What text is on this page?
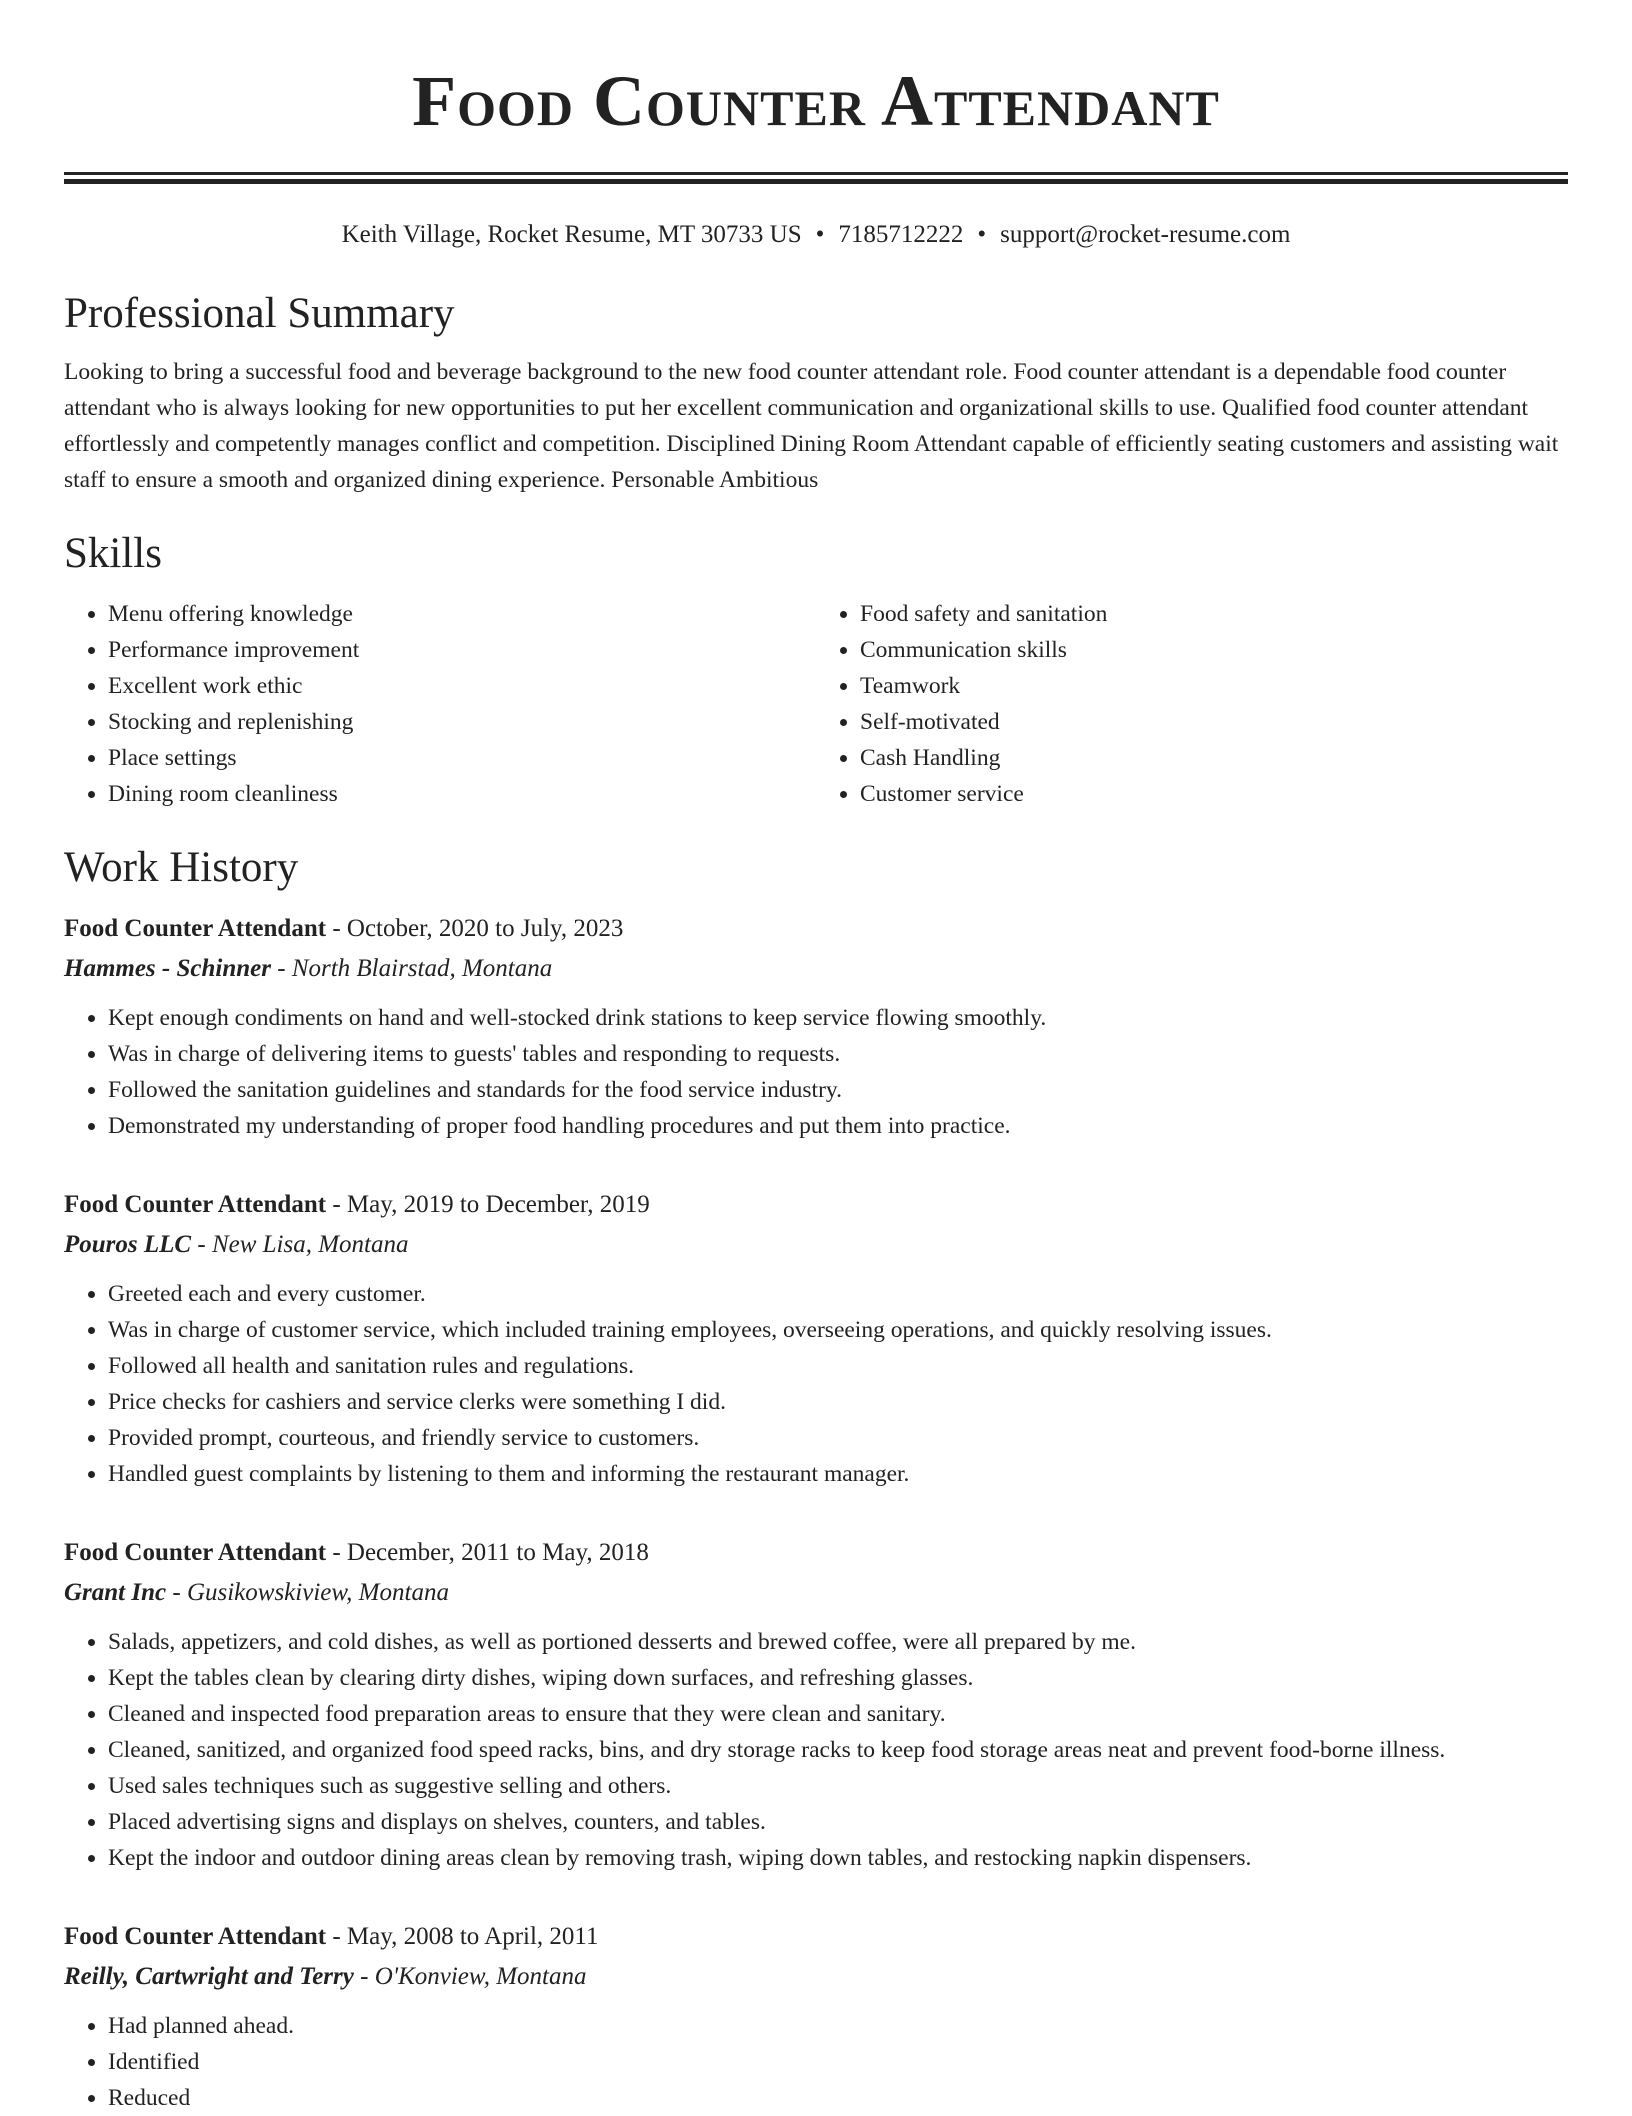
Food Counter Attendant
Keith Village, Rocket Resume, MT 30733 US • 7185712222 • support@rocket-resume.com
Professional Summary

Looking to bring a successful food and beverage background to the new food counter attendant role. Food counter attendant is a dependable food counter attendant who is always looking for new opportunities to put her excellent communication and organizational skills to use. Qualified food counter attendant effortlessly and competently manages conflict and competition. Disciplined Dining Room Attendant capable of efficiently seating customers and assisting wait staff to ensure a smooth and organized dining experience. Personable Ambitious

Skills
• Menu offering knowledge
• Performance improvement
• Excellent work ethic
• Stocking and replenishing
• Place settings
• Dining room cleanliness
• Food safety and sanitation
• Communication skills
• Teamwork
• Self-motivated
• Cash Handling
• Customer service
Work History
Food Counter Attendant - October, 2020 to July, 2023
Hammes - Schinner - North Blairstad, Montana
• Kept enough condiments on hand and well-stocked drink stations to keep service flowing smoothly.
• Was in charge of delivering items to guests' tables and responding to requests.
• Followed the sanitation guidelines and standards for the food service industry.
• Demonstrated my understanding of proper food handling procedures and put them into practice.
Food Counter Attendant - May, 2019 to December, 2019
Pouros LLC - New Lisa, Montana
• Greeted each and every customer.
• Was in charge of customer service, which included training employees, overseeing operations, and quickly resolving issues.
• Followed all health and sanitation rules and regulations.
• Price checks for cashiers and service clerks were something I did.
• Provided prompt, courteous, and friendly service to customers.
• Handled guest complaints by listening to them and informing the restaurant manager.
Food Counter Attendant - December, 2011 to May, 2018
Grant Inc - Gusikowskiview, Montana
• Salads, appetizers, and cold dishes, as well as portioned desserts and brewed coffee, were all prepared by me.
• Kept the tables clean by clearing dirty dishes, wiping down surfaces, and refreshing glasses.
• Cleaned and inspected food preparation areas to ensure that they were clean and sanitary.
• Cleaned, sanitized, and organized food speed racks, bins, and dry storage racks to keep food storage areas neat and prevent food-borne illness.
• Used sales techniques such as suggestive selling and others.
• Placed advertising signs and displays on shelves, counters, and tables.
• Kept the indoor and outdoor dining areas clean by removing trash, wiping down tables, and restocking napkin dispensers.
Food Counter Attendant - May, 2008 to April, 2011
Reilly, Cartwright and Terry - O'Konview, Montana
• Had planned ahead.
• Identified
• Reduced
